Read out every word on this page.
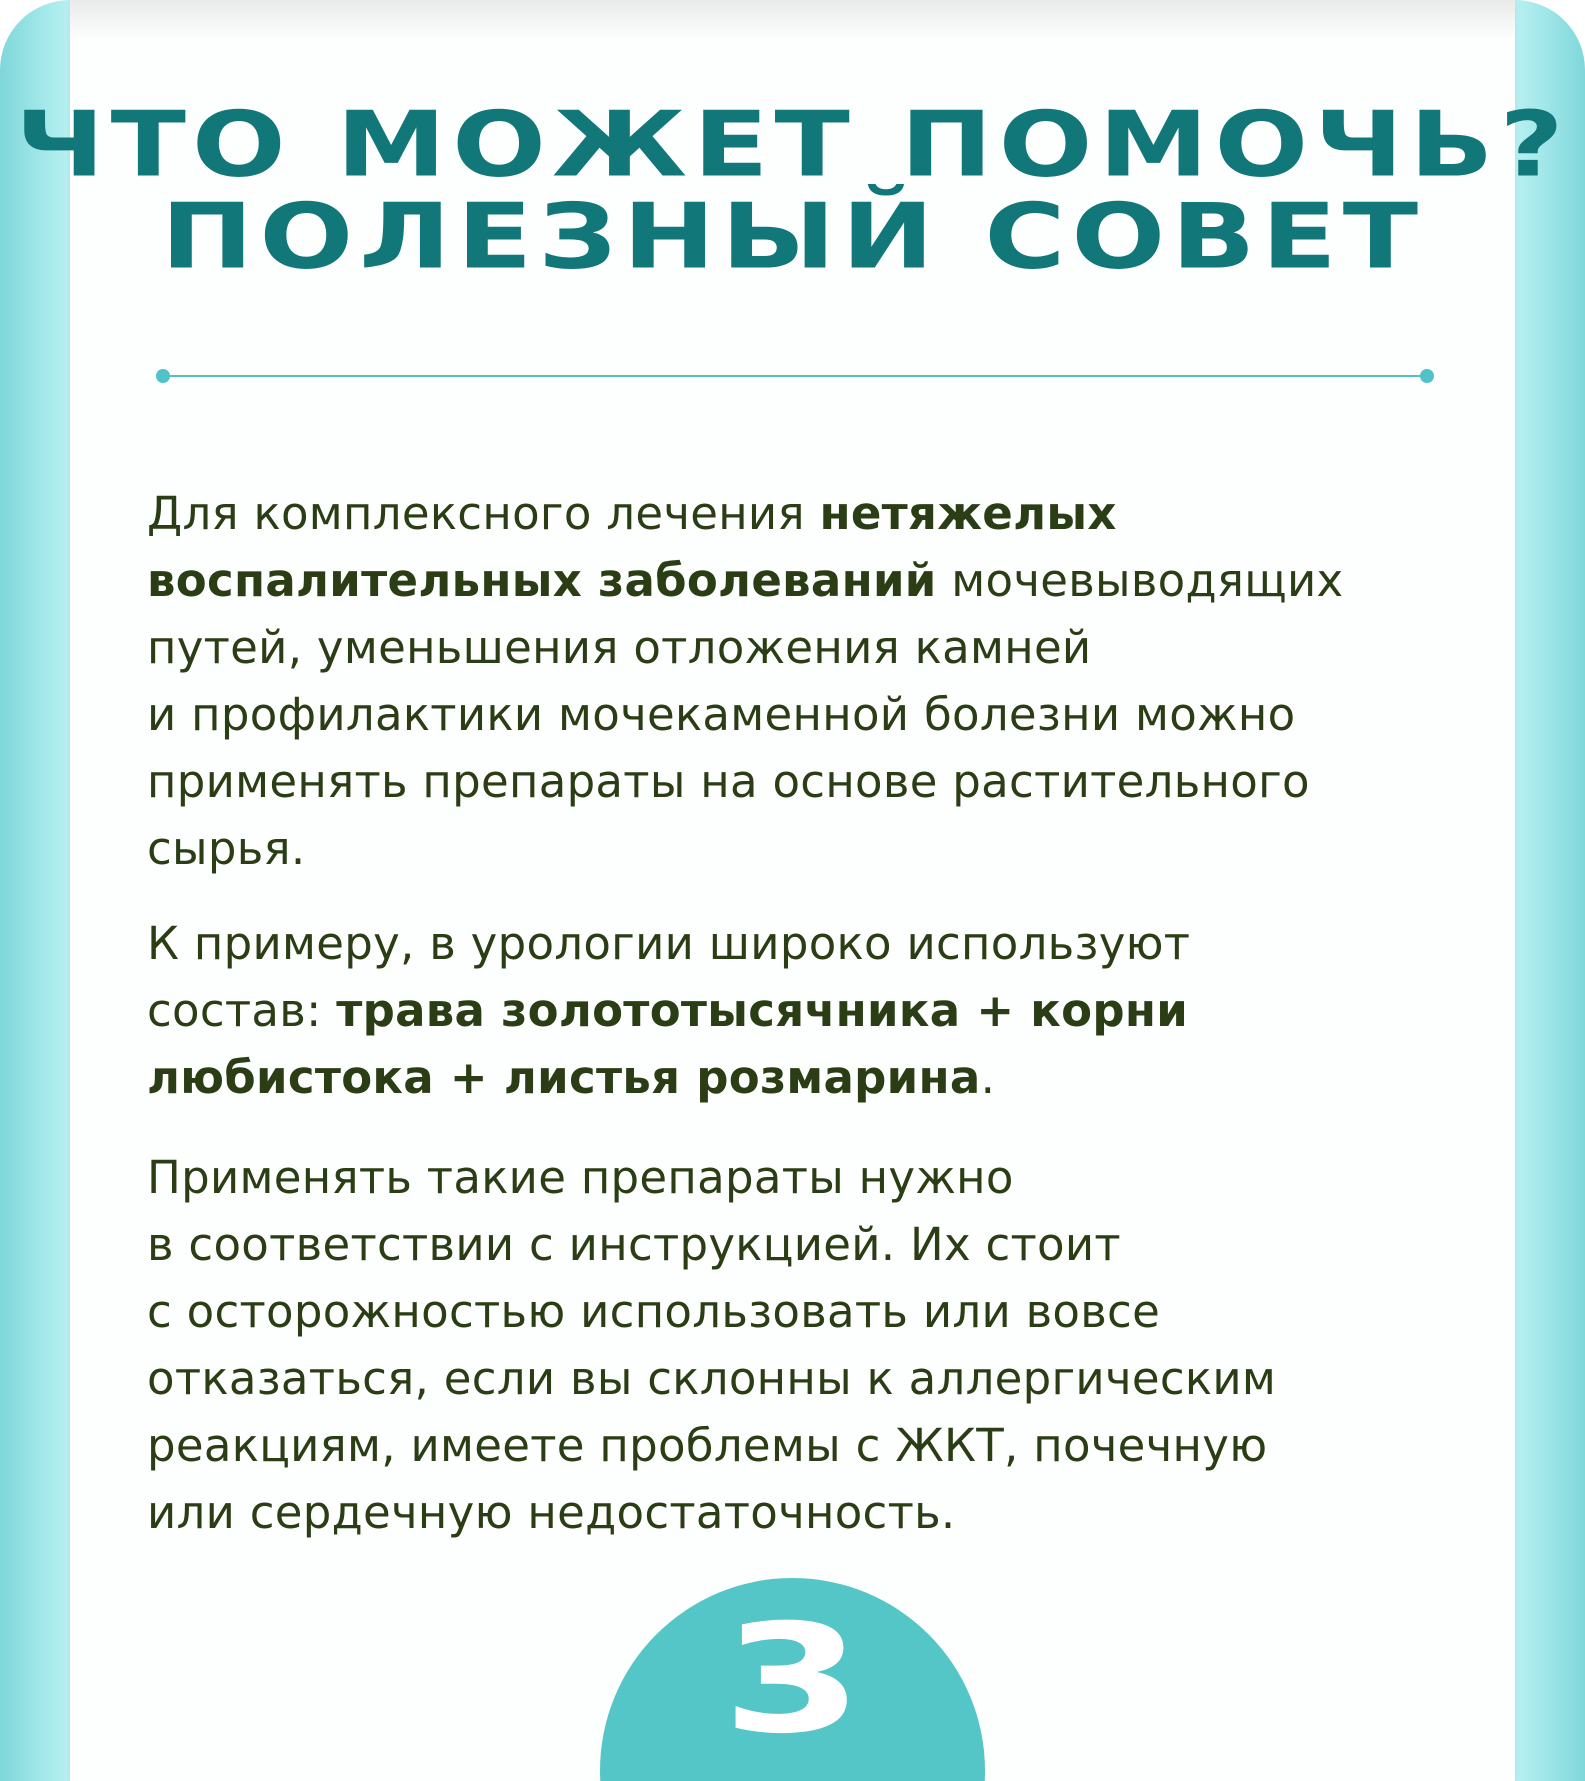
ЧТО МОЖЕТ ПОМОЧЬ?
ПОЛЕЗНЫЙ СОВЕТ
Для комплексного лечения нетяжелых
воспалительных заболеваний мочевыводящих
путей, уменьшения отложения камней
и профилактики мочекаменной болезни можно
применять препараты на основе растительного
сырья.
К примеру, в урологии широко используют
состав: трава золототысячника + корни
любистока + листья розмарина.
Применять такие препараты нужно
в соответствии с инструкцией. Их стоит
с осторожностью использовать или вовсе
отказаться, если вы склонны к аллергическим
реакциям, имеете проблемы с ЖКТ, почечную
или сердечную недостаточность.
3
